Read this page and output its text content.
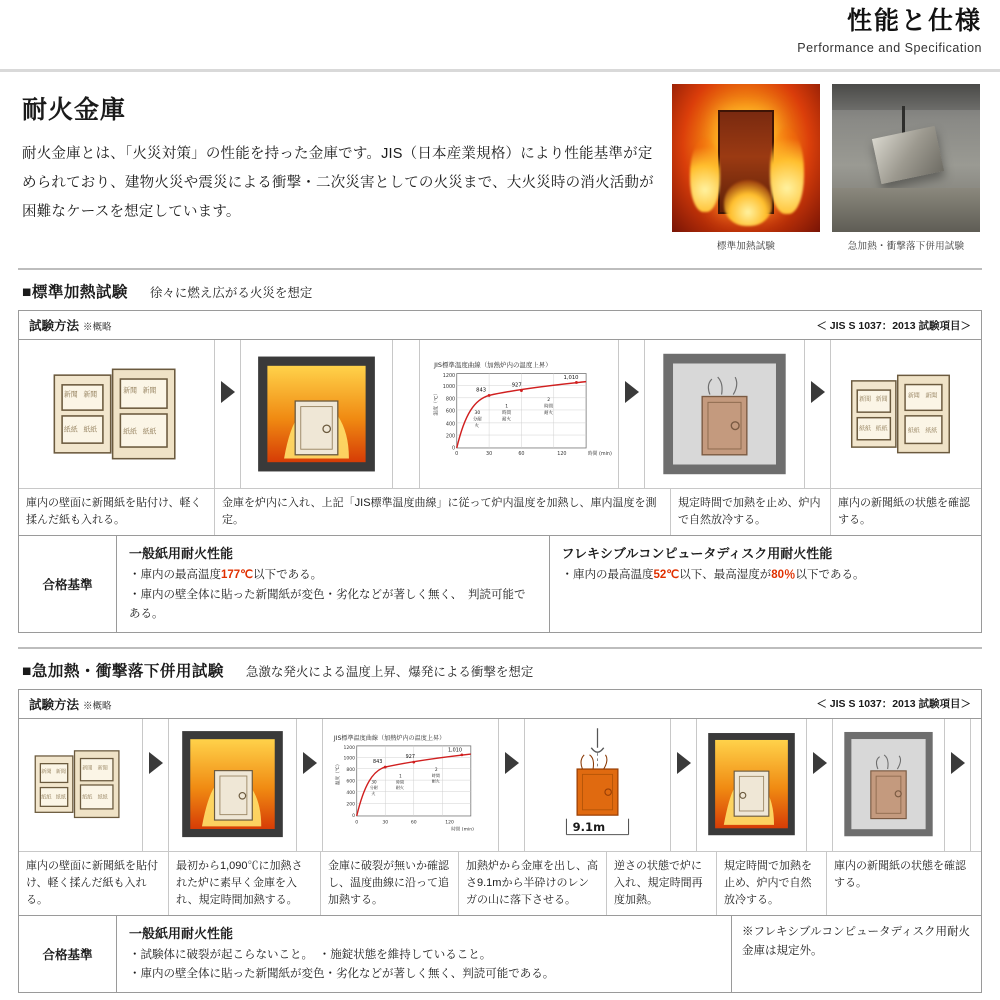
性能と仕様
Performance and Specification
耐火金庫
耐火金庫とは、「火災対策」の性能を持った金庫です。JIS（日本産業規格）により性能基準が定められており、建物火災や震災による衝撃・二次災害としての火災まで、大火災時の消火活動が困難なケースを想定しています。
標準加熱試験	急加熱・衝撃落下併用試験
■標準加熱試験 徐々に燃え広がる火災を想定
試験方法 ※概略	＜ JIS S 1037：2013 試験項目＞
新聞 新聞
紙紙 紙紙
新聞 新聞
紙紙 紙紙
JIS標準温度曲線（加熱炉内の温度上昇）
1200
1000
800
600
400
200
0
0	30	60	120
温度（℃）
時間 (min)
843
927
1,010
30
分耐
火
1
時間
耐火
2
時間
耐火
新聞 新聞
紙紙 紙紙
新聞 新聞
紙紙 紙紙
庫内の壁面に新聞紙を貼付け、軽く揉んだ紙も入れる。
金庫を炉内に入れ、上記「JIS標準温度曲線」に従って炉内温度を加熱し、庫内温度を測定。
規定時間で加熱を止め、炉内で自然放冷する。
庫内の新聞紙の状態を確認する。
合格基準
一般紙用耐火性能
・庫内の最高温度177℃以下である。
・庫内の壁全体に貼った新聞紙が変色・劣化などが著しく無く、　判読可能である。
フレキシブルコンピュータディスク用耐火性能
・庫内の最高温度52℃以下、最高湿度が80％以下である。
■急加熱・衝撃落下併用試験 急激な発火による温度上昇、爆発による衝撃を想定
試験方法 ※概略	＜ JIS S 1037：2013 試験項目＞
新聞 新聞
紙紙 紙紙
新聞 新聞
紙紙 紙紙
JIS標準温度曲線（加熱炉内の温度上昇）
1200
1000
800
600
400
200
0
0	30	60	120
温度（℃）
時間 (min)
843
927
1,010
30
分耐
火
1
時間
耐火
2
時間
耐火
9.1m
庫内の壁面に新聞紙を貼付け、軽く揉んだ紙も入れる。
最初から1,090℃に加熱された炉に素早く金庫を入れ、規定時間加熱する。
金庫に破裂が無いか確認し、温度曲線に沿って追加熱する。
加熱炉から金庫を出し、高さ9.1mから半砕けのレンガの山に落下させる。
逆さの状態で炉に入れ、規定時間再度加熱。
規定時間で加熱を止め、炉内で自然放冷する。
庫内の新聞紙の状態を確認する。
合格基準
一般紙用耐火性能
・試験体に破裂が起こらないこと。　・施錠状態を維持していること。
・庫内の壁全体に貼った新聞紙が変色・劣化などが著しく無く、判読可能である。
※フレキシブルコンピュータディスク用耐火金庫は規定外。
